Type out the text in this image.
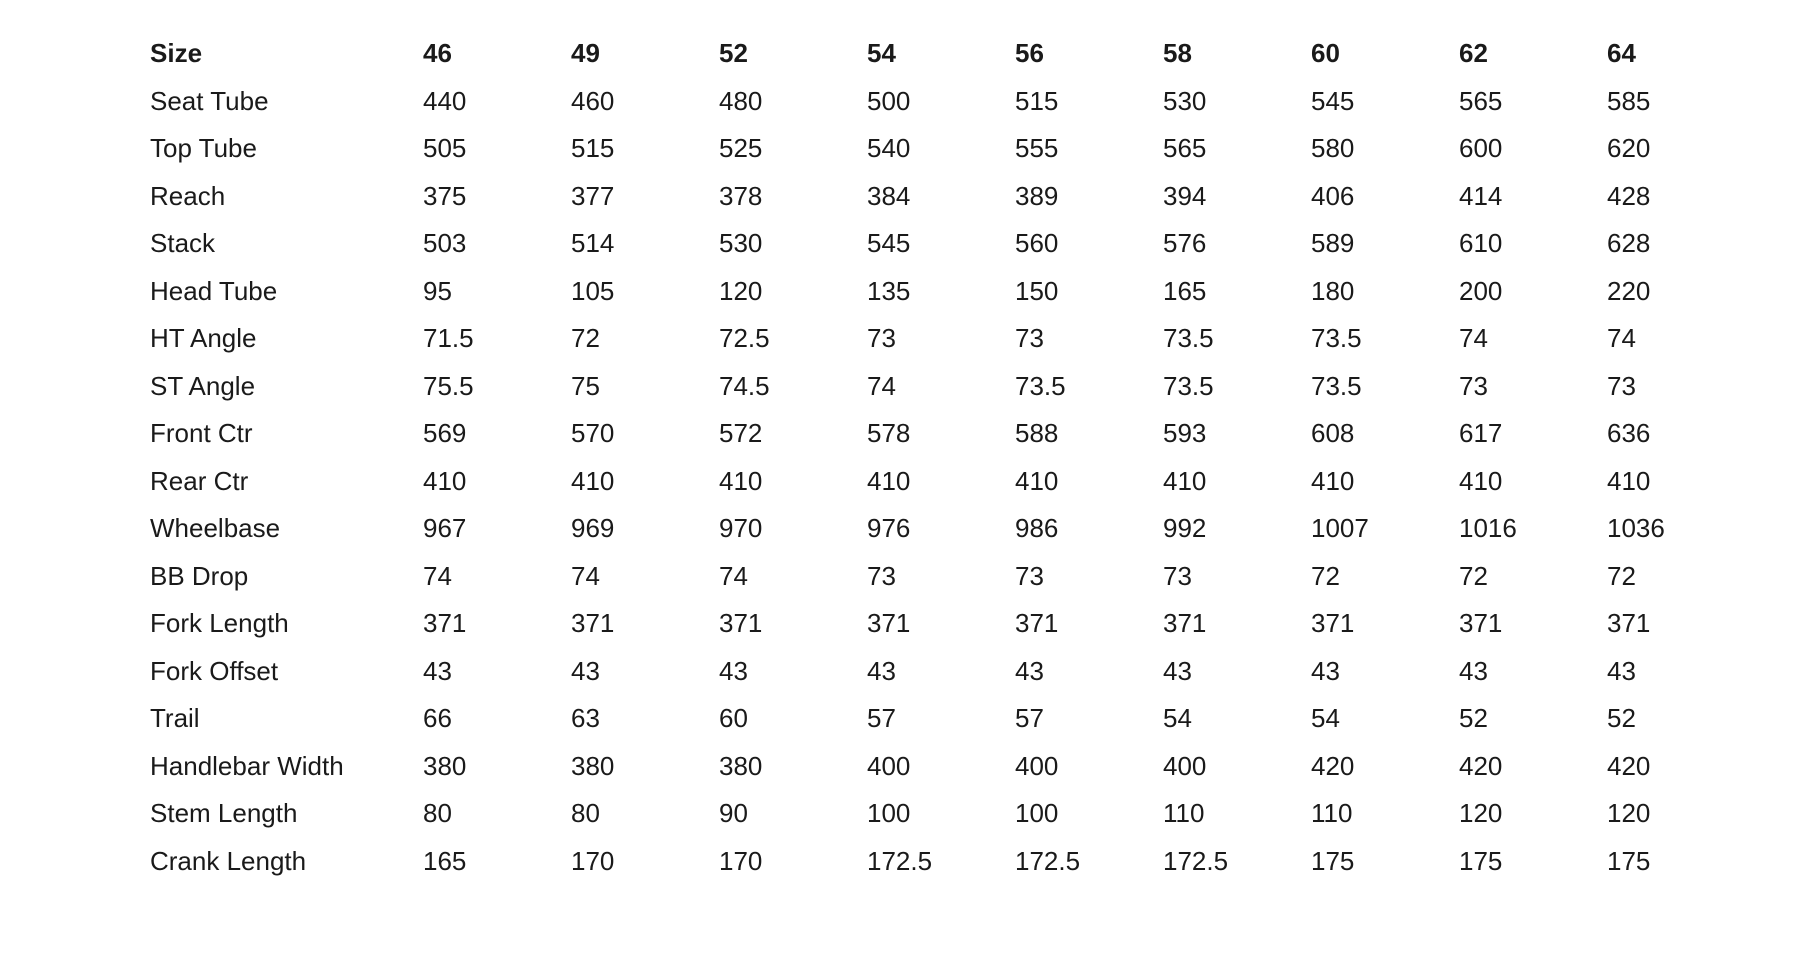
Size	46	49	52	54	56	58	60	62	64
Seat Tube	440	460	480	500	515	530	545	565	585
Top Tube	505	515	525	540	555	565	580	600	620
Reach	375	377	378	384	389	394	406	414	428
Stack	503	514	530	545	560	576	589	610	628
Head Tube	95	105	120	135	150	165	180	200	220
HT Angle	71.5	72	72.5	73	73	73.5	73.5	74	74
ST Angle	75.5	75	74.5	74	73.5	73.5	73.5	73	73
Front Ctr	569	570	572	578	588	593	608	617	636
Rear Ctr	410	410	410	410	410	410	410	410	410
Wheelbase	967	969	970	976	986	992	1007	1016	1036
BB Drop	74	74	74	73	73	73	72	72	72
Fork Length	371	371	371	371	371	371	371	371	371
Fork Offset	43	43	43	43	43	43	43	43	43
Trail	66	63	60	57	57	54	54	52	52
Handlebar Width	380	380	380	400	400	400	420	420	420
Stem Length	80	80	90	100	100	110	110	120	120
Crank Length	165	170	170	172.5	172.5	172.5	175	175	175
